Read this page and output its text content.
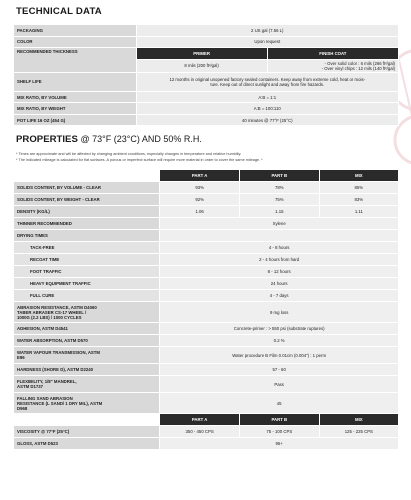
TECHNICAL DATA
PACKAGING	2 US gal (7.56 L)	
COLOR	Upon request	
RECOMMENDED THICKNESS	PRIMER	FINISH COAT
	8 mils (200 ft²/gal)	- Over solid color : 6 mils (266 ft²/gal)
- Over vinyl chips : 12 mils (140 ft²/gal)

SHELF LIFE	12 months in original unopened factory sealed containers. Keep away from extreme cold, heat or mois-
ture. Keep out of direct sunlight and away from fire hazards.	

MIX RATIO, BY VOLUME	A:B = 1:1	
MIX RATIO, BY WEIGHT	A:B = 100:110	
POT LIFE 16 OZ (454 G)	40 minutes @ 77°F (25°C)	
PROPERTIES @ 73°F (23°C) AND 50% R.H.
* Times are approximate and will be affected by changing ambient conditions, especially changes in temperature and relative humidity.
* The indicated mileage is calculated for flat surfaces. A porous or imperfect surface will require more material in order to cover the same mileage. *
	PART A	PART B	MIX
SOLIDS CONTENT, BY VOLUME - CLEAR	93%	78%	85%
SOLIDS CONTENT, BY WEIGHT - CLEAR	92%	75%	83%
DENSITY (KG/L)	1.06	1.15	1.11
THINNER RECOMMENDED	Xylene		
DRYING TIMES			
TACK-FREE	4 - 8 hours		
RECOAT TIME	2 - 4 hours from hard		
FOOT TRAFFIC	8 - 12 hours		
HEAVY EQUIPMENT TRAFFIC	24 hours		
FULL CURE	4 - 7 days		

ABRASION RESISTANCE, ASTM D4060
TABER ABRASER CS-17 WHEEL /
1000G (2.2 LBS) / 1000 CYCLES	9 mg loss		
ADHESION, ASTM D4541	Concrete-primer : > 550 psi (substrate ruptures)		
WATER ABSORPTION, ASTM D570	0.2 %		

WATER VAPOUR TRANSMISSION, ASTM
E96	Water procedure B Film 0.01cm (0.004") : 1 perm		
HARDNESS (SHORE D), ASTM D2240	57 - 60		

FLEXIBILITY, 1/8" MANDREL,
ASTM D1737	Pass		

FALLING SAND ABRASION
RESISTANCE (L SAND/ 1 DRY MIL), ASTM
D968	45		
	PART A	PART B	MIX
VISCOSITY @ 77°F (25°C)	350 - 450 CPS	75 - 100 CPS	125 - 225 CPS
GLOSS, ASTM D523	95+		
